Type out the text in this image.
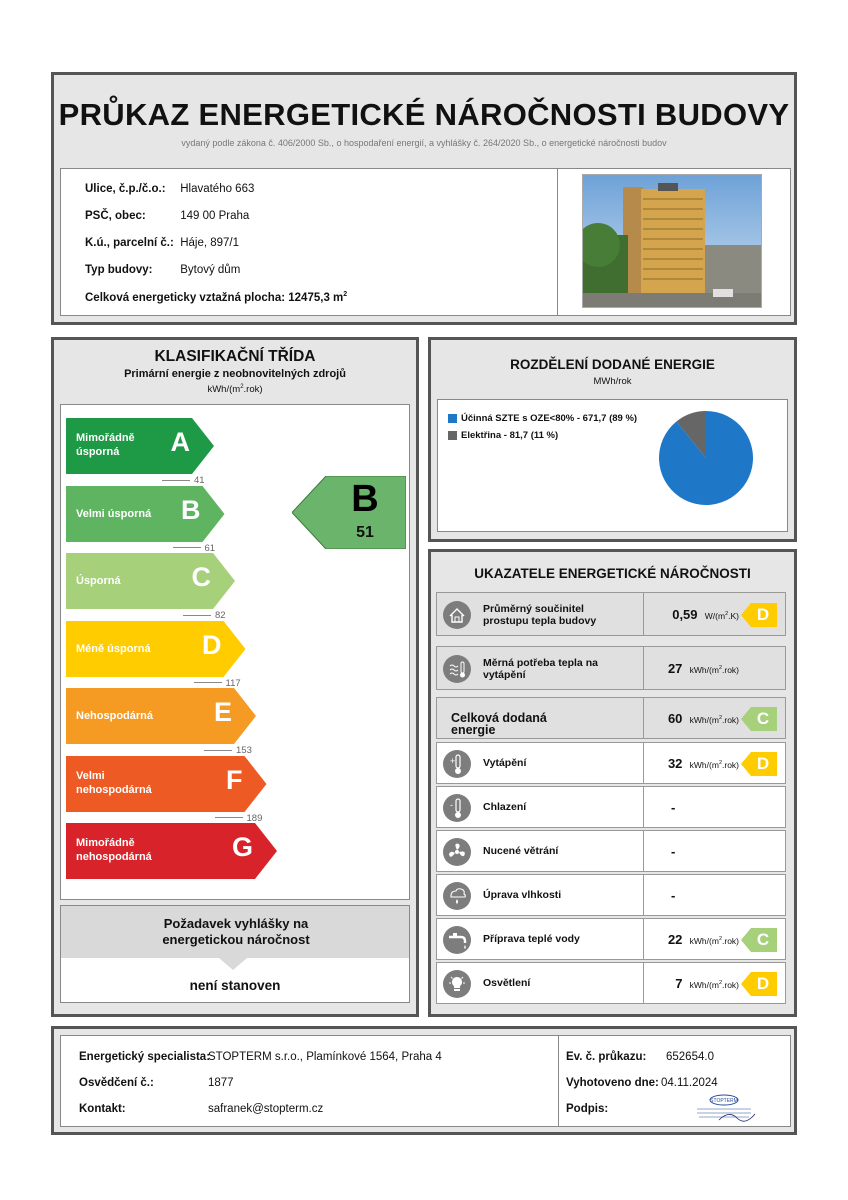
PRŮKAZ ENERGETICKÉ NÁROČNOSTI BUDOVY
vydaný podle zákona č. 406/2000 Sb., o hospodaření energií, a vyhlášky č. 264/2020 Sb., o energetické náročnosti budov
Ulice, č.p./č.o.: Hlavatého 663
PSČ, obec:	149 00 Praha
K.ú., parcelní č.: Háje, 897/1
Typ budovy: Bytový dům
Celková energeticky vztažná plocha: 12475,3 $m^2$
KLASIFIKAČNÍ TŘÍDA
Primární energie z neobnovitelných zdrojů
kWh/$(m^2.rok)$
Požadavek vyhlášky na energetickou náročnost
není stanoven
Mimořádně úsporná	A
Velmi úsporná	B
Úsporná	C
Méně úsporná	D
Nehospodárná	E
Velmi nehospodárná	F
Mimořádně nehospodárná	G
41
61
82
117
153
189
B
51
ROZDĚLENÍ DODANÉ ENERGIE
MWh/rok
Účinná SZTE s OZE<80% - 671,7 (89 %)
Elektřina - 81,7 (11 %)
UKAZATELE ENERGETICKÉ NÁROČNOSTI
Průměrný součinitel prostupu tepla budovy	0,59 $W/(m^2.K)$	D
Měrná potřeba tepla na vytápění	27 kWh/$(m^2.rok)$
Celková dodaná energie
60 kWh/$(m^2.rok)$	C
+	Vytápění	32 kWh/$(m^2.rok)$	D
-	Chlazení	-
Nucené větrání	-
Úprava vlhkosti	-
Příprava teplé vody	22 kWh/$(m^2.rok)$	C
Osvětlení	7 kWh/$(m^2.rok)$	D
Energetický specialista:
STOPTERM s.r.o., Plamínkové 1564, Praha 4
Osvědčení č.:	1877
Kontakt:	safranek@stopterm.cz
Ev. č. průkazu: 652654.0
Vyhotoveno dne: 04.11.2024
Podpis:
STOPTERM
